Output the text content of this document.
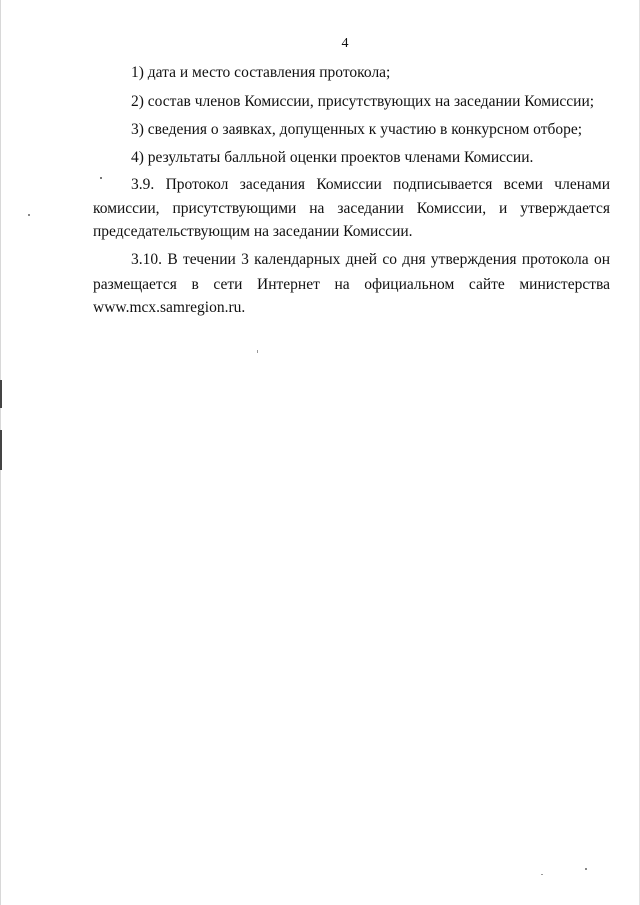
4
1) дата и место составления протокола;
2) состав членов Комиссии, присутствующих на заседании Комиссии;
3) сведения о заявках, допущенных к участию в конкурсном отборе;
4) результаты балльной оценки проектов членами Комиссии.
3.9. Протокол заседания Комиссии подписывается всеми членами
комиссии, присутствующими на заседании Комиссии, и утверждается
председательствующим на заседании Комиссии.
3.10. В течении 3 календарных дней со дня утверждения протокола он
размещается в сети Интернет на официальном сайте министерства
www.mcx.samregion.ru.
